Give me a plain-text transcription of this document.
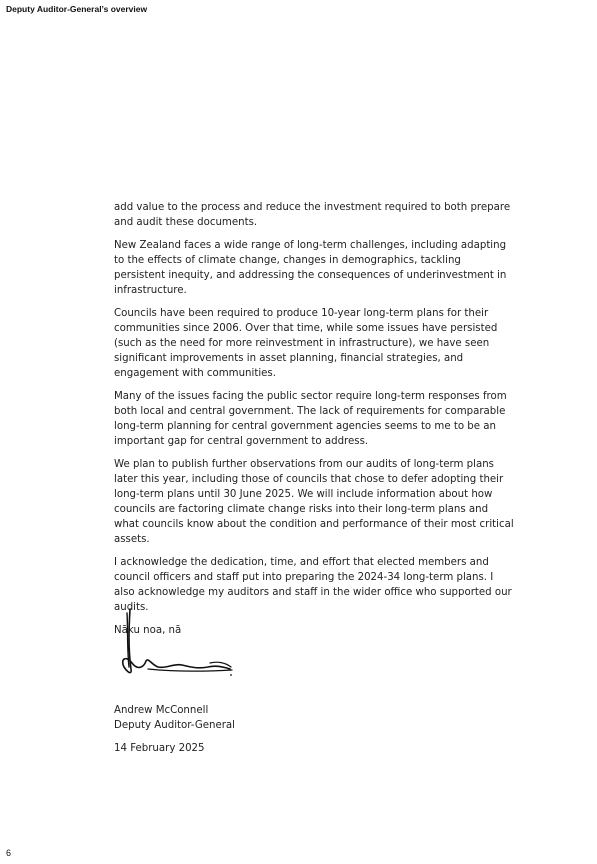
Deputy Auditor-General’s overview

add value to the process and reduce the investment required to both prepare and audit these documents.

New Zealand faces a wide range of long-term challenges, including adapting to the effects of climate change, changes in demographics, tackling persistent inequity, and addressing the consequences of underinvestment in infrastructure.

Councils have been required to produce 10-year long-term plans for their communities since 2006. Over that time, while some issues have persisted (such as the need for more reinvestment in infrastructure), we have seen significant improvements in asset planning, financial strategies, and engagement with communities.

Many of the issues facing the public sector require long-term responses from both local and central government. The lack of requirements for comparable long-term planning for central government agencies seems to me to be an important gap for central government to address.

We plan to publish further observations from our audits of long-term plans later this year, including those of councils that chose to defer adopting their long-term plans until 30 June 2025. We will include information about how councils are factoring climate change risks into their long-term plans and what councils know about the condition and performance of their most critical assets.

I acknowledge the dedication, time, and effort that elected members and council officers and staff put into preparing the 2024-34 long-term plans. I also acknowledge my auditors and staff in the wider office who supported our audits.

Nāku noa, nā

Andrew McConnell
Deputy Auditor-General
14 February 2025
6
